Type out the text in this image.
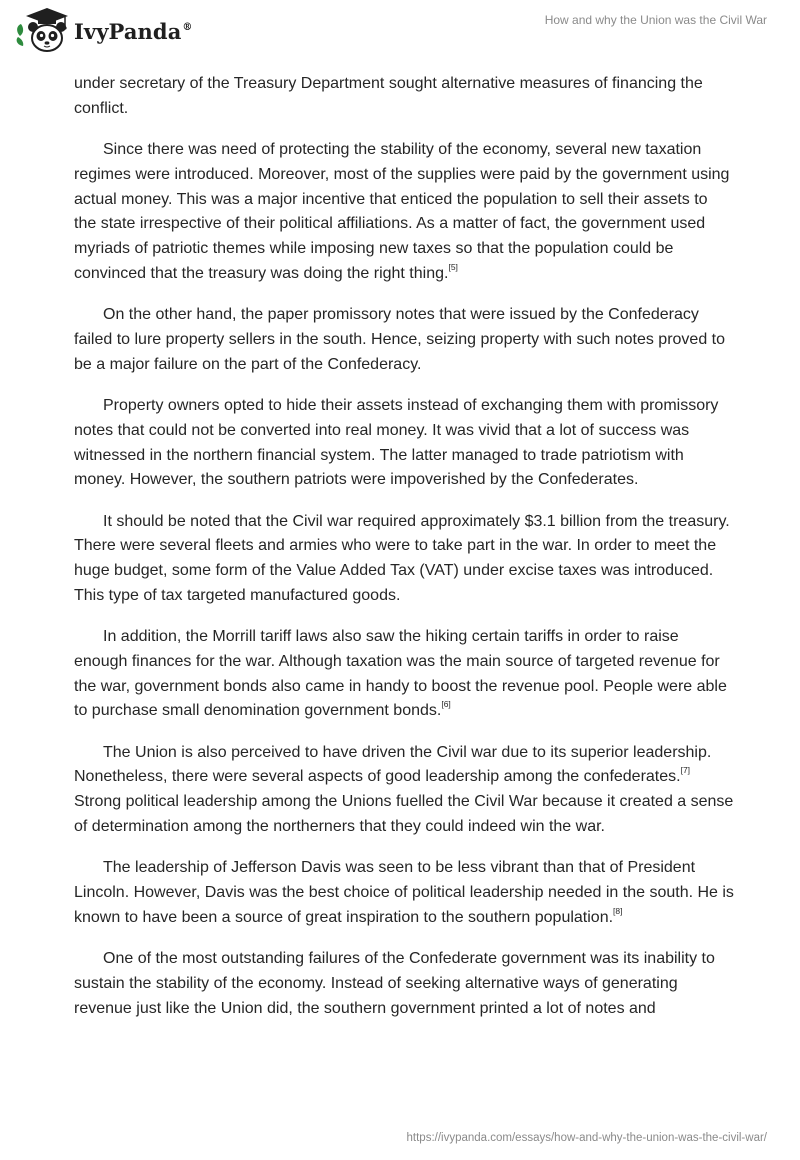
IvyPanda®	How and why the Union was the Civil War

under secretary of the Treasury Department sought alternative measures of financing the conflict.

Since there was need of protecting the stability of the economy, several new taxation regimes were introduced. Moreover, most of the supplies were paid by the government using actual money. This was a major incentive that enticed the population to sell their assets to the state irrespective of their political affiliations. As a matter of fact, the government used myriads of patriotic themes while imposing new taxes so that the population could be convinced that the treasury was doing the right thing.[5]

On the other hand, the paper promissory notes that were issued by the Confederacy failed to lure property sellers in the south. Hence, seizing property with such notes proved to be a major failure on the part of the Confederacy.

Property owners opted to hide their assets instead of exchanging them with promissory notes that could not be converted into real money. It was vivid that a lot of success was witnessed in the northern financial system. The latter managed to trade patriotism with money. However, the southern patriots were impoverished by the Confederates.

It should be noted that the Civil war required approximately $3.1 billion from the treasury. There were several fleets and armies who were to take part in the war. In order to meet the huge budget, some form of the Value Added Tax (VAT) under excise taxes was introduced. This type of tax targeted manufactured goods.

In addition, the Morrill tariff laws also saw the hiking certain tariffs in order to raise enough finances for the war. Although taxation was the main source of targeted revenue for the war, government bonds also came in handy to boost the revenue pool. People were able to purchase small denomination government bonds.[6]

The Union is also perceived to have driven the Civil war due to its superior leadership. Nonetheless, there were several aspects of good leadership among the confederates.[7] Strong political leadership among the Unions fuelled the Civil War because it created a sense of determination among the northerners that they could indeed win the war.

The leadership of Jefferson Davis was seen to be less vibrant than that of President Lincoln. However, Davis was the best choice of political leadership needed in the south. He is known to have been a source of great inspiration to the southern population.[8]

One of the most outstanding failures of the Confederate government was its inability to sustain the stability of the economy. Instead of seeking alternative ways of generating revenue just like the Union did, the southern government printed a lot of notes and

https://ivypanda.com/essays/how-and-why-the-union-was-the-civil-war/
